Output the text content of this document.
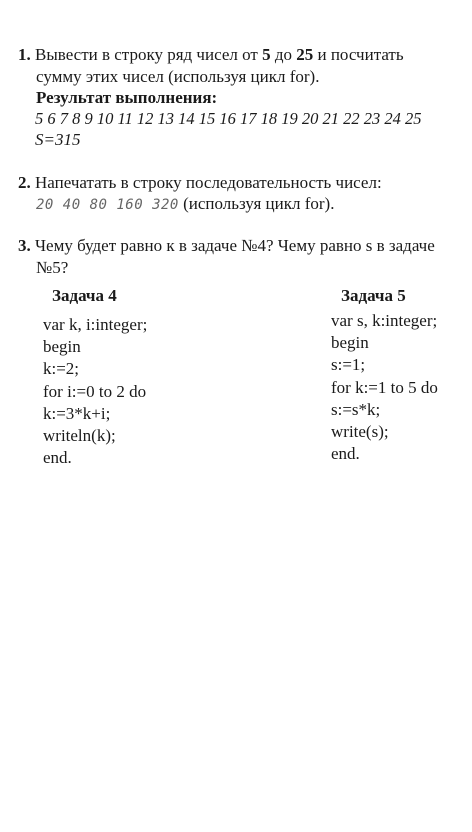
1. Вывести в строку ряд чисел от 5 до 25 и посчитать
сумму этих чисел (используя цикл for).
Результат выполнения:
5 6 7 8 9 10 11 12 13 14 15 16 17 18 19 20 21 22 23 24 25
S=315
2. Напечатать в строку последовательность чисел:
20 40 80 160 320 (используя цикл for).
3. Чему будет равно к в задаче №4? Чему равно s в задаче
№5?
Задача 4
var k, i:integer;
begin
k:=2;
for i:=0 to 2 do
k:=3*k+i;
writeln(k);
end.
Задача 5
var s, k:integer;
begin
s:=1;
for k:=1 to 5 do
s:=s*k;
write(s);
end.
